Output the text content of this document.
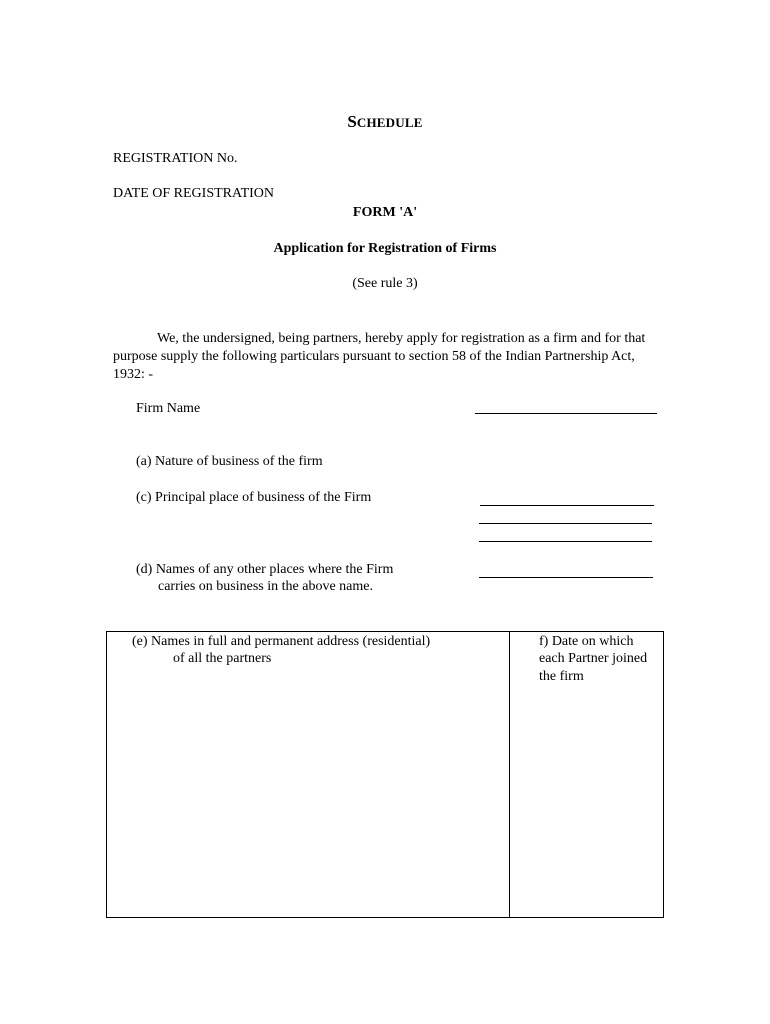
SCHEDULE
REGISTRATION No.
DATE OF REGISTRATION
FORM 'A'
Application for Registration of Firms
(See rule 3)
We, the undersigned, being partners, hereby apply for registration as a firm and for that purpose supply the following particulars pursuant to section 58 of the Indian Partnership Act, 1932: -
Firm Name
(a) Nature of business of the firm
(c) Principal place of business of the Firm
(d) Names of any other places where the Firm
carries on business in the above name.
(e) Names in full and permanent address (residential)
of all the partners
f) Date on which
each Partner joined
the firm
